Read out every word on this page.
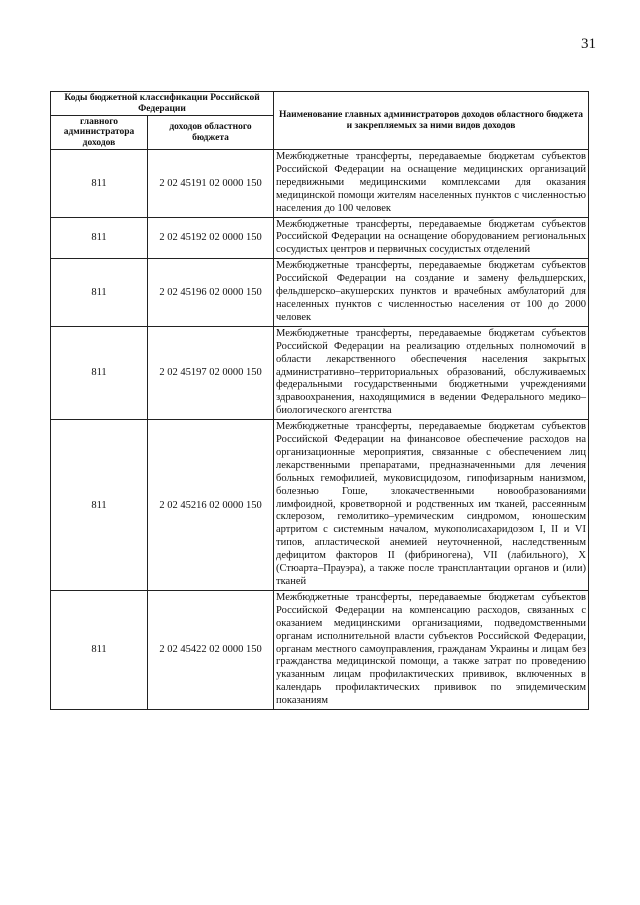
31
Коды бюджетной классификации Российской Федерации		Наименование главных администраторов доходов областного бюджета и закрепляемых за ними видов доходов
главного администратора доходов	доходов областного бюджета	
811	2 02 45191 02 0000 150	Межбюджетные трансферты, передаваемые бюджетам субъектов Российской Федерации на оснащение медицинских организаций передвижными медицинскими комплексами для оказания медицинской помощи жителям населенных пунктов с численностью населения до 100 человек
811	2 02 45192 02 0000 150	Межбюджетные трансферты, передаваемые бюджетам субъектов Российской Федерации на оснащение оборудованием региональных сосудистых центров и первичных сосудистых отделений
811	2 02 45196 02 0000 150	Межбюджетные трансферты, передаваемые бюджетам субъектов Российской Федерации на создание и замену фельдшерских, фельдшерско–акушерских пунктов и врачебных амбулаторий для населенных пунктов с численностью населения от 100 до 2000 человек
811	2 02 45197 02 0000 150	Межбюджетные трансферты, передаваемые бюджетам субъектов Российской Федерации на реализацию отдельных полномочий в области лекарственного обеспечения населения закрытых административно–территориальных образований, обслуживаемых федеральными государственными бюджетными учреждениями здравоохранения, находящимися в ведении Федерального медико–биологического агентства
811	2 02 45216 02 0000 150	Межбюджетные трансферты, передаваемые бюджетам субъектов Российской Федерации на финансовое обеспечение расходов на организационные мероприятия, связанные с обеспечением лиц лекарственными препаратами, предназначенными для лечения больных гемофилией, муковисцидозом, гипофизарным нанизмом, болезнью Гоше, злокачественными новообразованиями лимфоидной, кроветворной и родственных им тканей, рассеянным склерозом, гемолитико–уремическим синдромом, юношеским артритом с системным началом, мукополисахаридозом I, II и VI типов, апластической анемией неуточненной, наследственным дефицитом факторов II (фибриногена), VII (лабильного), X (Стюарта–Прауэра), а также после трансплантации органов и (или) тканей
811	2 02 45422 02 0000 150	Межбюджетные трансферты, передаваемые бюджетам субъектов Российской Федерации на компенсацию расходов, связанных с оказанием медицинскими организациями, подведомственными органам исполнительной власти субъектов Российской Федерации, органам местного самоуправления, гражданам Украины и лицам без гражданства медицинской помощи, а также затрат по проведению указанным лицам профилактических прививок, включенных в календарь профилактических прививок по эпидемическим показаниям
